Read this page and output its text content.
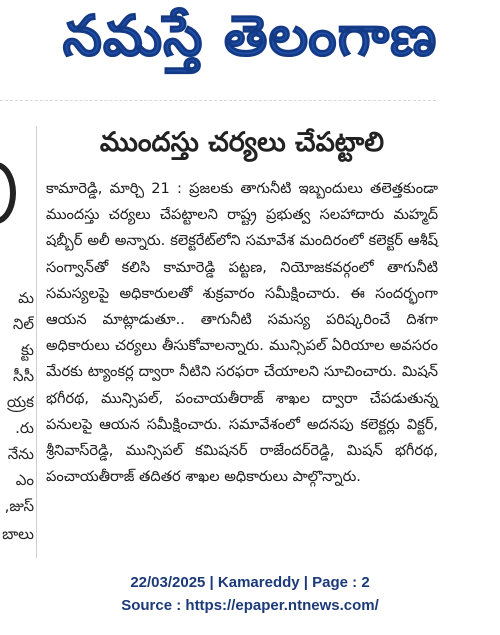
నమస్తే తెలంగాణ
మ
నిల్
క్టు
సీసీ
య్రక
రు.
నేను
ఎం
జుస్,
బాలు
ముందస్తు చర్యలు చేపట్టాలి
కామారెడ్డి, మార్చి 21 : ప్రజలకు తాగునీటి ఇబ్బందులు తలెత్తకుండా ముందస్తు చర్యలు చేపట్టాలని రాష్ట్ర ప్రభుత్వ సలహాదారు మహ్మద్ షబ్బీర్ అలీ అన్నారు. కలెక్టరేట్‌లోని సమావేశ మందిరంలో కలెక్టర్ ఆశీష్ సంగ్వాన్‌తో కలిసి కామారెడ్డి పట్టణ, నియోజకవర్గంలో తాగునీటి సమస్యలపై అధికారులతో శుక్రవారం సమీక్షించారు. ఈ సందర్భంగా ఆయన మాట్లాడుతూ.. తాగునీటి సమస్య పరిష్కరించే దిశగా అధికారులు చర్యలు తీసుకోవాలన్నారు. మున్సిపల్ ఏరియాల అవసరం మేరకు ట్యాంకర్ల ద్వారా నీటిని సరఫరా చేయాలని సూచించారు. మిషన్ భగీరథ, మున్సిపల్, పంచాయతీరాజ్ శాఖల ద్వారా చేపడుతున్న పనులపై ఆయన సమీక్షించారు. సమావేశంలో అదనపు కలెక్టర్లు విక్టర్, శ్రీనివాస్‌రెడ్డి, మున్సిపల్ కమిషనర్ రాజేందర్‌రెడ్డి, మిషన్ భగీరథ, పంచాయతీరాజ్ తదితర శాఖల అధికారులు పాల్గొన్నారు.
22/03/2025 | Kamareddy | Page : 2
Source : https://epaper.ntnews.com/
